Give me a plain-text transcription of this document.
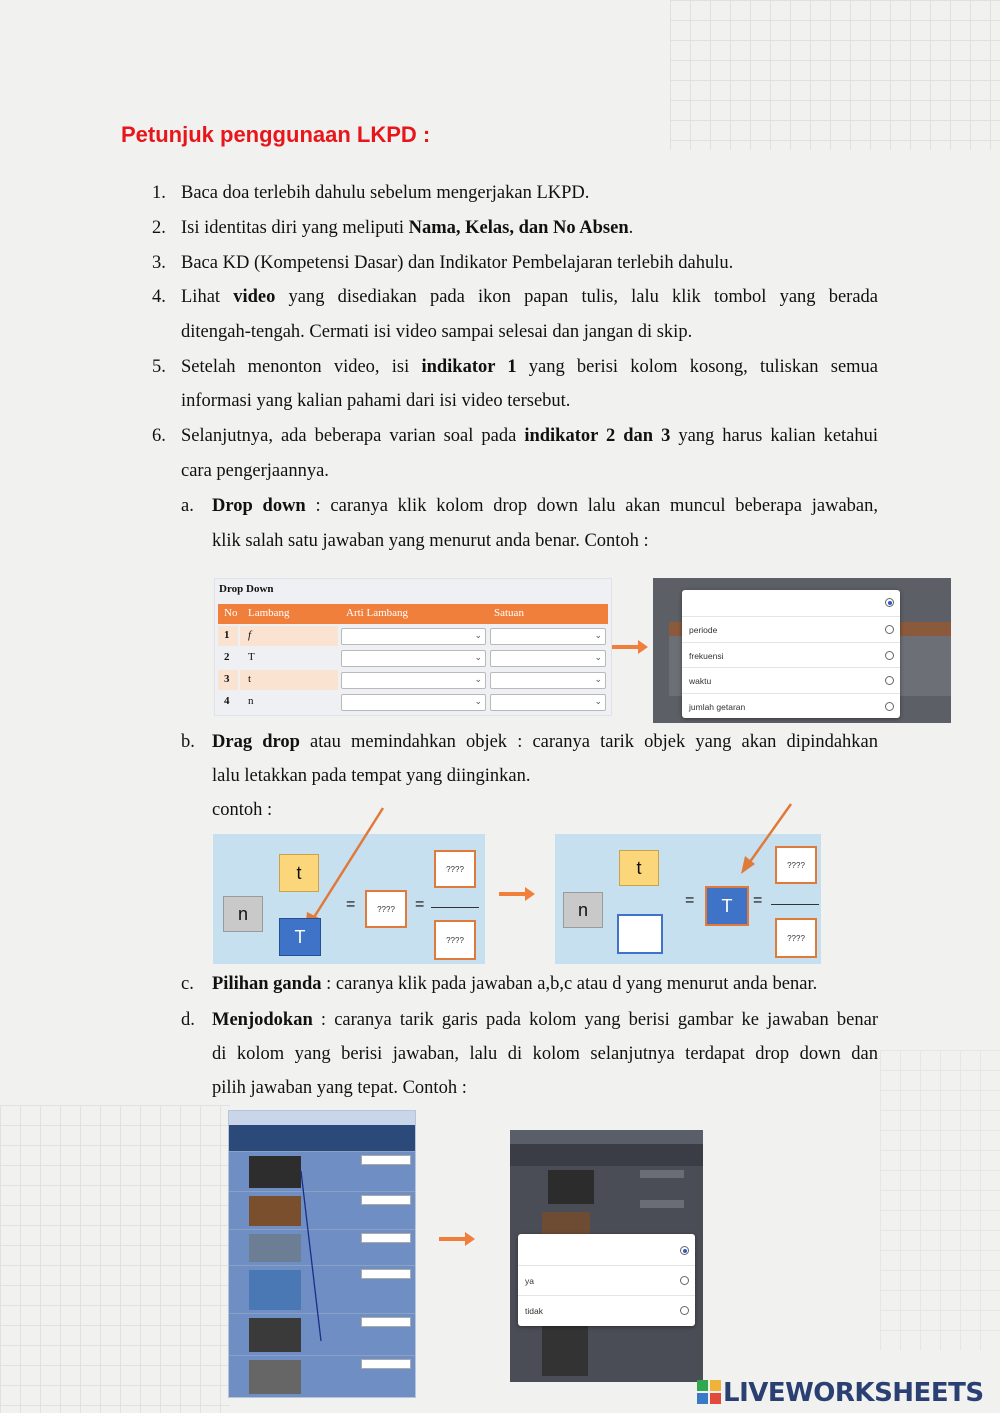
Petunjuk penggunaan LKPD :
1. Baca doa terlebih dahulu sebelum mengerjakan LKPD.
2. Isi identitas diri yang meliputi Nama, Kelas, dan No Absen.
3. Baca KD (Kompetensi Dasar) dan Indikator Pembelajaran terlebih dahulu.
4. Lihat video yang disediakan pada ikon papan tulis, lalu klik tombol yang berada
ditengah-tengah. Cermati isi video sampai selesai dan jangan di skip.
5. Setelah menonton video, isi indikator 1 yang berisi kolom kosong, tuliskan semua
informasi yang kalian pahami dari isi video tersebut.
6. Selanjutnya, ada beberapa varian soal pada indikator 2 dan 3 yang harus kalian ketahui
cara pengerjaannya.
a. Drop down : caranya klik kolom drop down lalu akan muncul beberapa jawaban,
klik salah satu jawaban yang menurut anda benar. Contoh :
b. Drag drop atau memindahkan objek : caranya tarik objek yang akan dipindahkan
lalu letakkan pada tempat yang diinginkan.
contoh :
c. Pilihan ganda : caranya klik pada jawaban a,b,c atau d yang menurut anda benar.
d. Menjodokan : caranya tarik garis pada kolom yang berisi gambar ke jawaban benar
di kolom yang berisi jawaban, lalu di kolom selanjutnya terdapat drop down dan
pilih jawaban yang tepat. Contoh :
Drop Down
No Lambang	Arti Lambang	Satuan
1 f	⌄	⌄
2 T	⌄	⌄
3 t	⌄	⌄
4 n	⌄	⌄
periode
frekuensi
waktu
jumlah getaran
t
n
T
=	????	=
????
????
t
n	=	T	=
????
????
ya
tidak
LIVEWORKSHEETS
